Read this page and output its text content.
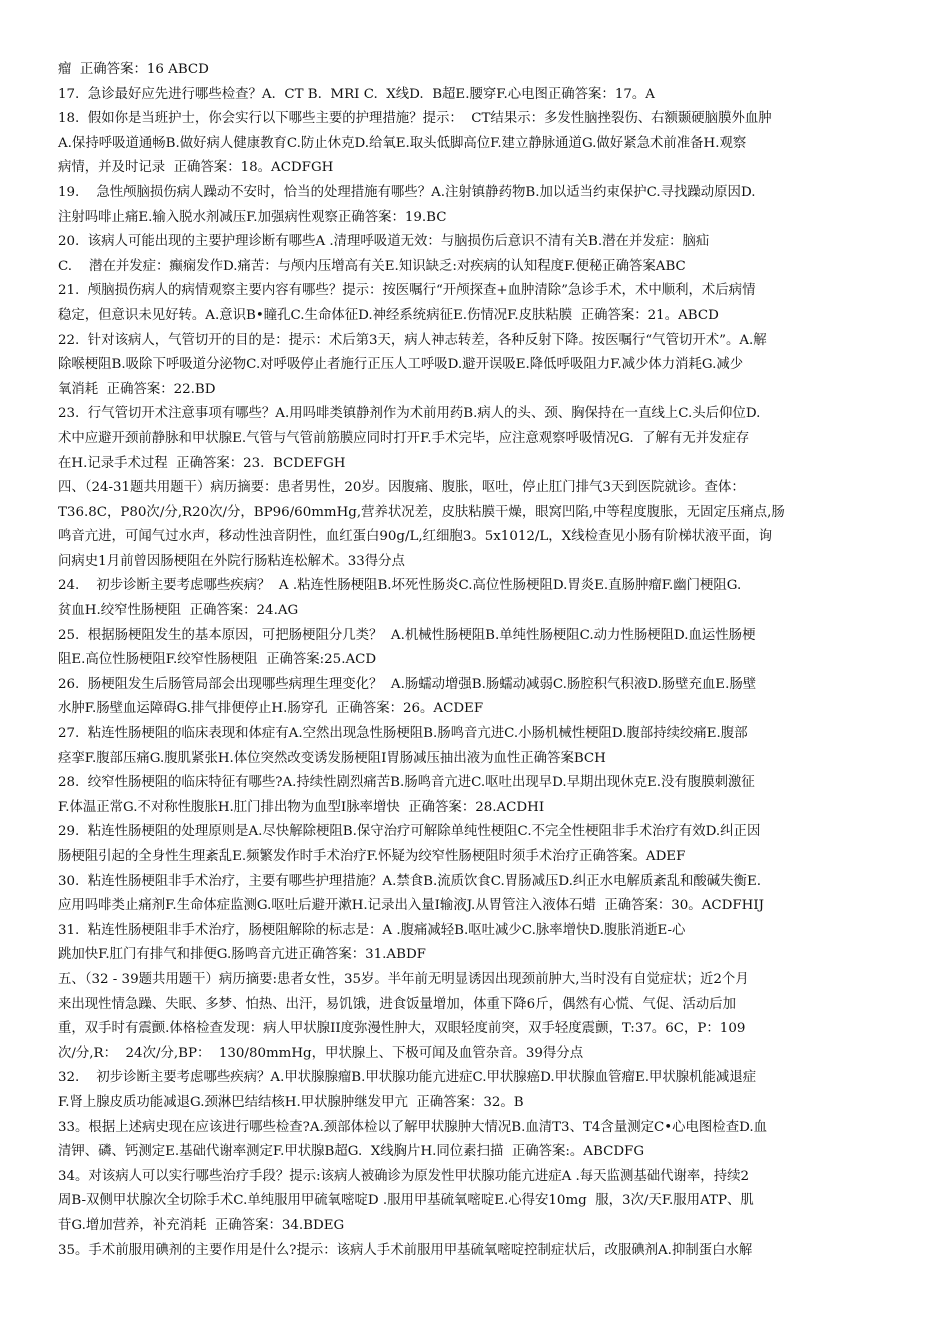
瘤  正确答案：16 ABCD
17.  急诊最好应先进行哪些检查？A.  CT B.  MRI C.  X线D.  B超E.腰穿F.心电图正确答案：17。A
18.  假如你是当班护士，你会实行以下哪些主要的护理措施？提示：  CT结果示：多发性脑挫裂伤、右额颞硬脑膜外血肿
A.保持呼吸道通畅B.做好病人健康教育C.防止休克D.给氧E.取头低脚高位F.建立静脉通道G.做好紧急术前准备H.观察
病情，并及时记录  正确答案：18。ACDFGH
19.    急性颅脑损伤病人躁动不安时，恰当的处理措施有哪些？A.注射镇静药物B.加以适当约束保护C.寻找躁动原因D.
注射吗啡止痛E.输入脱水剂减压F.加强病性观察正确答案：19.BC
20.  该病人可能出现的主要护理诊断有哪些A .清理呼吸道无效：与脑损伤后意识不清有关B.潜在并发症：脑疝
C.    潜在并发症：癫痫发作D.痛苦：与颅内压增高有关E.知识缺乏:对疾病的认知程度F.便秘正确答案ABC
21.  颅脑损伤病人的病情观察主要内容有哪些？提示：按医嘱行“开颅探查+血肿清除”急诊手术，术中顺利，术后病情
稳定，但意识未见好转。A.意识B•瞳孔C.生命体征D.神经系统病征E.伤情况F.皮肤粘膜  正确答案：21。ABCD
22.  针对该病人，气管切开的目的是：提示：术后第3天，病人神志转差，各种反射下降。按医嘱行“气管切开术”。A.解
除喉梗阻B.吸除下呼吸道分泌物C.对呼吸停止者施行正压人工呼吸D.避开误吸E.降低呼吸阻力F.减少体力消耗G.减少
氧消耗  正确答案：22.BD
23.  行气管切开术注意事项有哪些？A.用吗啡类镇静剂作为术前用药B.病人的头、颈、胸保持在一直线上C.头后仰位D.
术中应避开颈前静脉和甲状腺E.气管与气管前筋膜应同时打开F.手术完毕，应注意观察呼吸情况G.  了解有无并发症存
在H.记录手术过程  正确答案：23.  BCDEFGH
四、（24-31题共用题干）病历摘要：患者男性，20岁。因腹痛、腹胀，呕吐，停止肛门排气3天到医院就诊。查体：
T36.8C，P80次/分,R20次/分，BP96/60mmHg,营养状况差，皮肤粘膜干燥，眼窝凹陷,中等程度腹胀，无固定压痛点,肠
鸣音亢进，可闻气过水声，移动性浊音阴性，血红蛋白90g/L,红细胞3。5x1012/L，X线检查见小肠有阶梯状液平面，询
问病史1月前曾因肠梗阻在外院行肠粘连松解术。33得分点
24.    初步诊断主要考虑哪些疾病？  A .粘连性肠梗阻B.坏死性肠炎C.高位性肠梗阻D.胃炎E.直肠肿瘤F.幽门梗阻G.
贫血H.绞窄性肠梗阻  正确答案：24.AG
25.  根据肠梗阻发生的基本原因，可把肠梗阻分几类？  A.机械性肠梗阻B.单纯性肠梗阻C.动力性肠梗阻D.血运性肠梗
阻E.高位性肠梗阻F.绞窄性肠梗阻  正确答案:25.ACD
26.  肠梗阻发生后肠管局部会出现哪些病理生理变化？  A.肠蠕动增强B.肠蠕动减弱C.肠腔积气积液D.肠壁充血E.肠壁
水肿F.肠壁血运障碍G.排气排便停止H.肠穿孔  正确答案：26。ACDEF
27.  粘连性肠梗阻的临床表现和体症有A.空然出现急性肠梗阻B.肠鸣音亢进C.小肠机械性梗阻D.腹部持续绞痛E.腹部
痉挛F.腹部压痛G.腹肌紧张H.体位突然改变诱发肠梗阻I胃肠减压抽出液为血性正确答案BCH
28.  绞窄性肠梗阻的临床特征有哪些?A.持续性剧烈痛苦B.肠鸣音亢进C.呕吐出现早D.早期出现休克E.没有腹膜刺激征
F.体温正常G.不对称性腹胀H.肛门排出物为血型I脉率增快  正确答案：28.ACDHI
29.  粘连性肠梗阻的处理原则是A.尽快解除梗阻B.保守治疗可解除单纯性梗阻C.不完全性梗阻非手术治疗有效D.纠正因
肠梗阻引起的全身性生理紊乱E.频繁发作时手术治疗F.怀疑为绞窄性肠梗阻时须手术治疗正确答案。ADEF
30.  粘连性肠梗阻非手术治疗，主要有哪些护理措施？A.禁食B.流质饮食C.胃肠减压D.纠正水电解质紊乱和酸碱失衡E.
应用吗啡类止痛剂F.生命体症监测G.呕吐后避开漱H.记录出入量I输液J.从胃管注入液体石蜡  正确答案：30。ACDFHIJ
31.  粘连性肠梗阻非手术治疗，肠梗阻解除的标志是：A .腹痛减轻B.呕吐减少C.脉率增快D.腹胀消逝E-心
跳加快F.肛门有排气和排便G.肠鸣音亢进正确答案：31.ABDF
五、（32 - 39题共用题干）病历摘要:患者女性，35岁。半年前无明显诱因出现颈前肿大,当时没有自觉症状；近2个月
来出现性情急躁、失眠、多梦、怕热、出汗，易饥饿，进食饭量增加，体重下降6斤，偶然有心慌、气促、活动后加
重，双手时有震颤.体格检查发现：病人甲状腺II度弥漫性肿大，双眼轻度前突，双手轻度震颤，T:37。6C，P：109
次/分,R：  24次/分,BP：  130/80mmHg，甲状腺上、下极可闻及血管杂音。39得分点
32.    初步诊断主要考虑哪些疾病？A.甲状腺腺瘤B.甲状腺功能亢进症C.甲状腺癌D.甲状腺血管瘤E.甲状腺机能减退症
F.肾上腺皮质功能减退G.颈淋巴结结核H.甲状腺肿继发甲亢  正确答案：32。B
33。根据上述病史现在应该进行哪些检查?A.颈部体检以了解甲状腺肿大情况B.血清T3、T4含量测定C•心电图检查D.血
清钾、磷、钙测定E.基础代谢率测定F.甲状腺B超G.  X线胸片H.同位素扫描  正确答案:。ABCDFG
34。对该病人可以实行哪些治疗手段？提示:该病人被确诊为原发性甲状腺功能亢进症A .每天监测基础代谢率，持续2
周B-双侧甲状腺次全切除手术C.单纯服用甲硫氧嘧啶D .服用甲基硫氧嘧啶E.心得安10mg  服，3次/天F.服用ATP、肌
苷G.增加营养，补充消耗  正确答案：34.BDEG
35。手术前服用碘剂的主要作用是什么?提示：该病人手术前服用甲基硫氧嘧啶控制症状后，改服碘剂A.抑制蛋白水解
